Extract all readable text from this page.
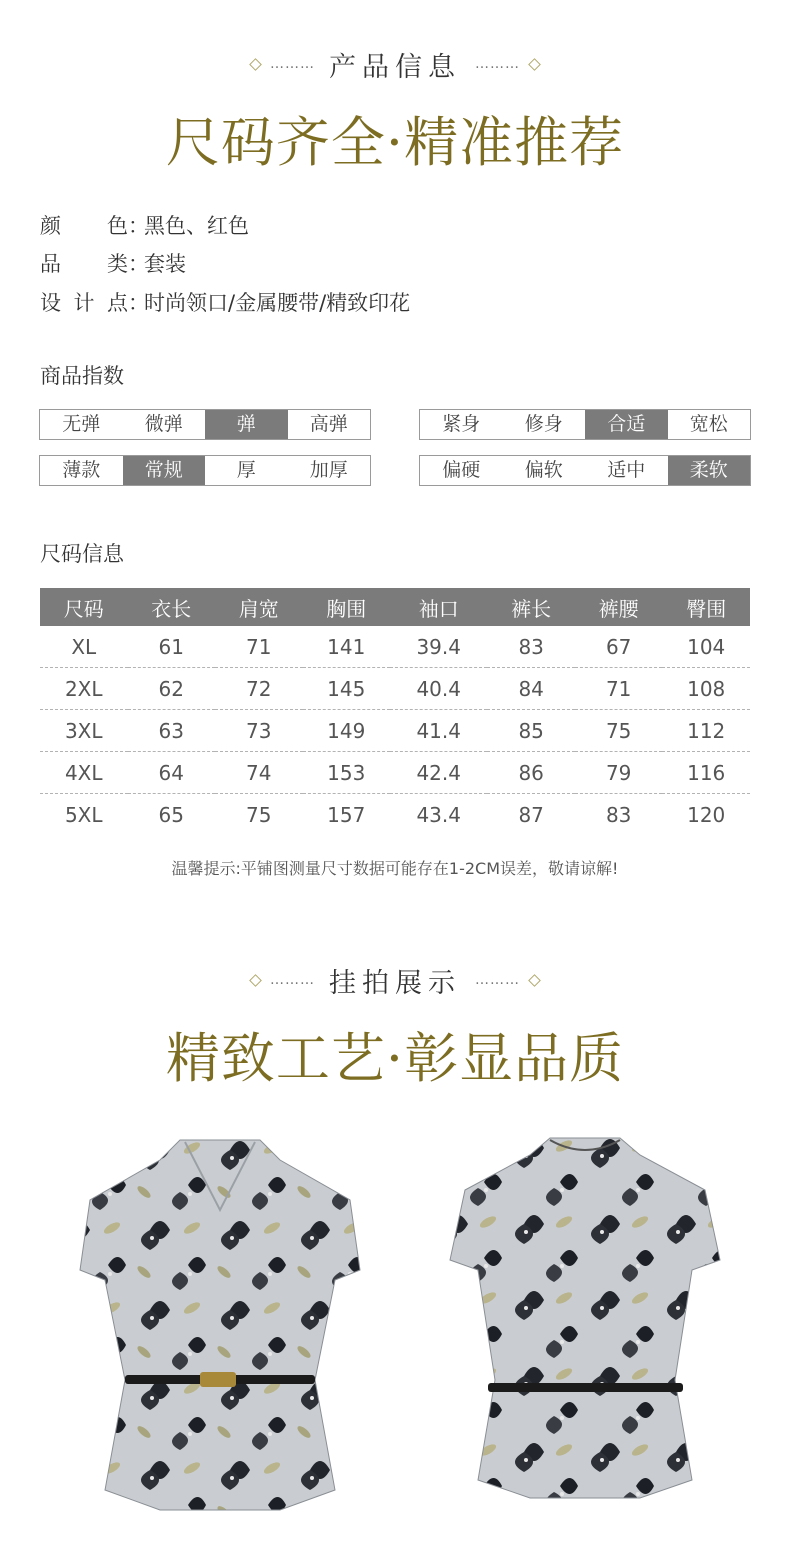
……… 产品信息 ………
尺码齐全·精准推荐
颜 色 ：
黑色、红色
品 类 ：
套装
设 计 点 ：
时尚领口/金属腰带/精致印花
商品指数
无弹	微弹	弹	高弹	紧身	修身	合适	宽松
薄款	常规	厚	加厚	偏硬	偏软	适中	柔软
尺码信息
尺码	衣长	肩宽	胸围	袖口	裤长	裤腰	臀围
XL	61	71	141	39.4	83	67	104
2XL	62	72	145	40.4	84	71	108
3XL	63	73	149	41.4	85	75	112
4XL	64	74	153	42.4	86	79	116
5XL	65	75	157	43.4	87	83	120
温馨提示:平铺图测量尺寸数据可能存在1-2CM误差，敬请谅解!
……… 挂拍展示 ………
精致工艺·彰显品质
